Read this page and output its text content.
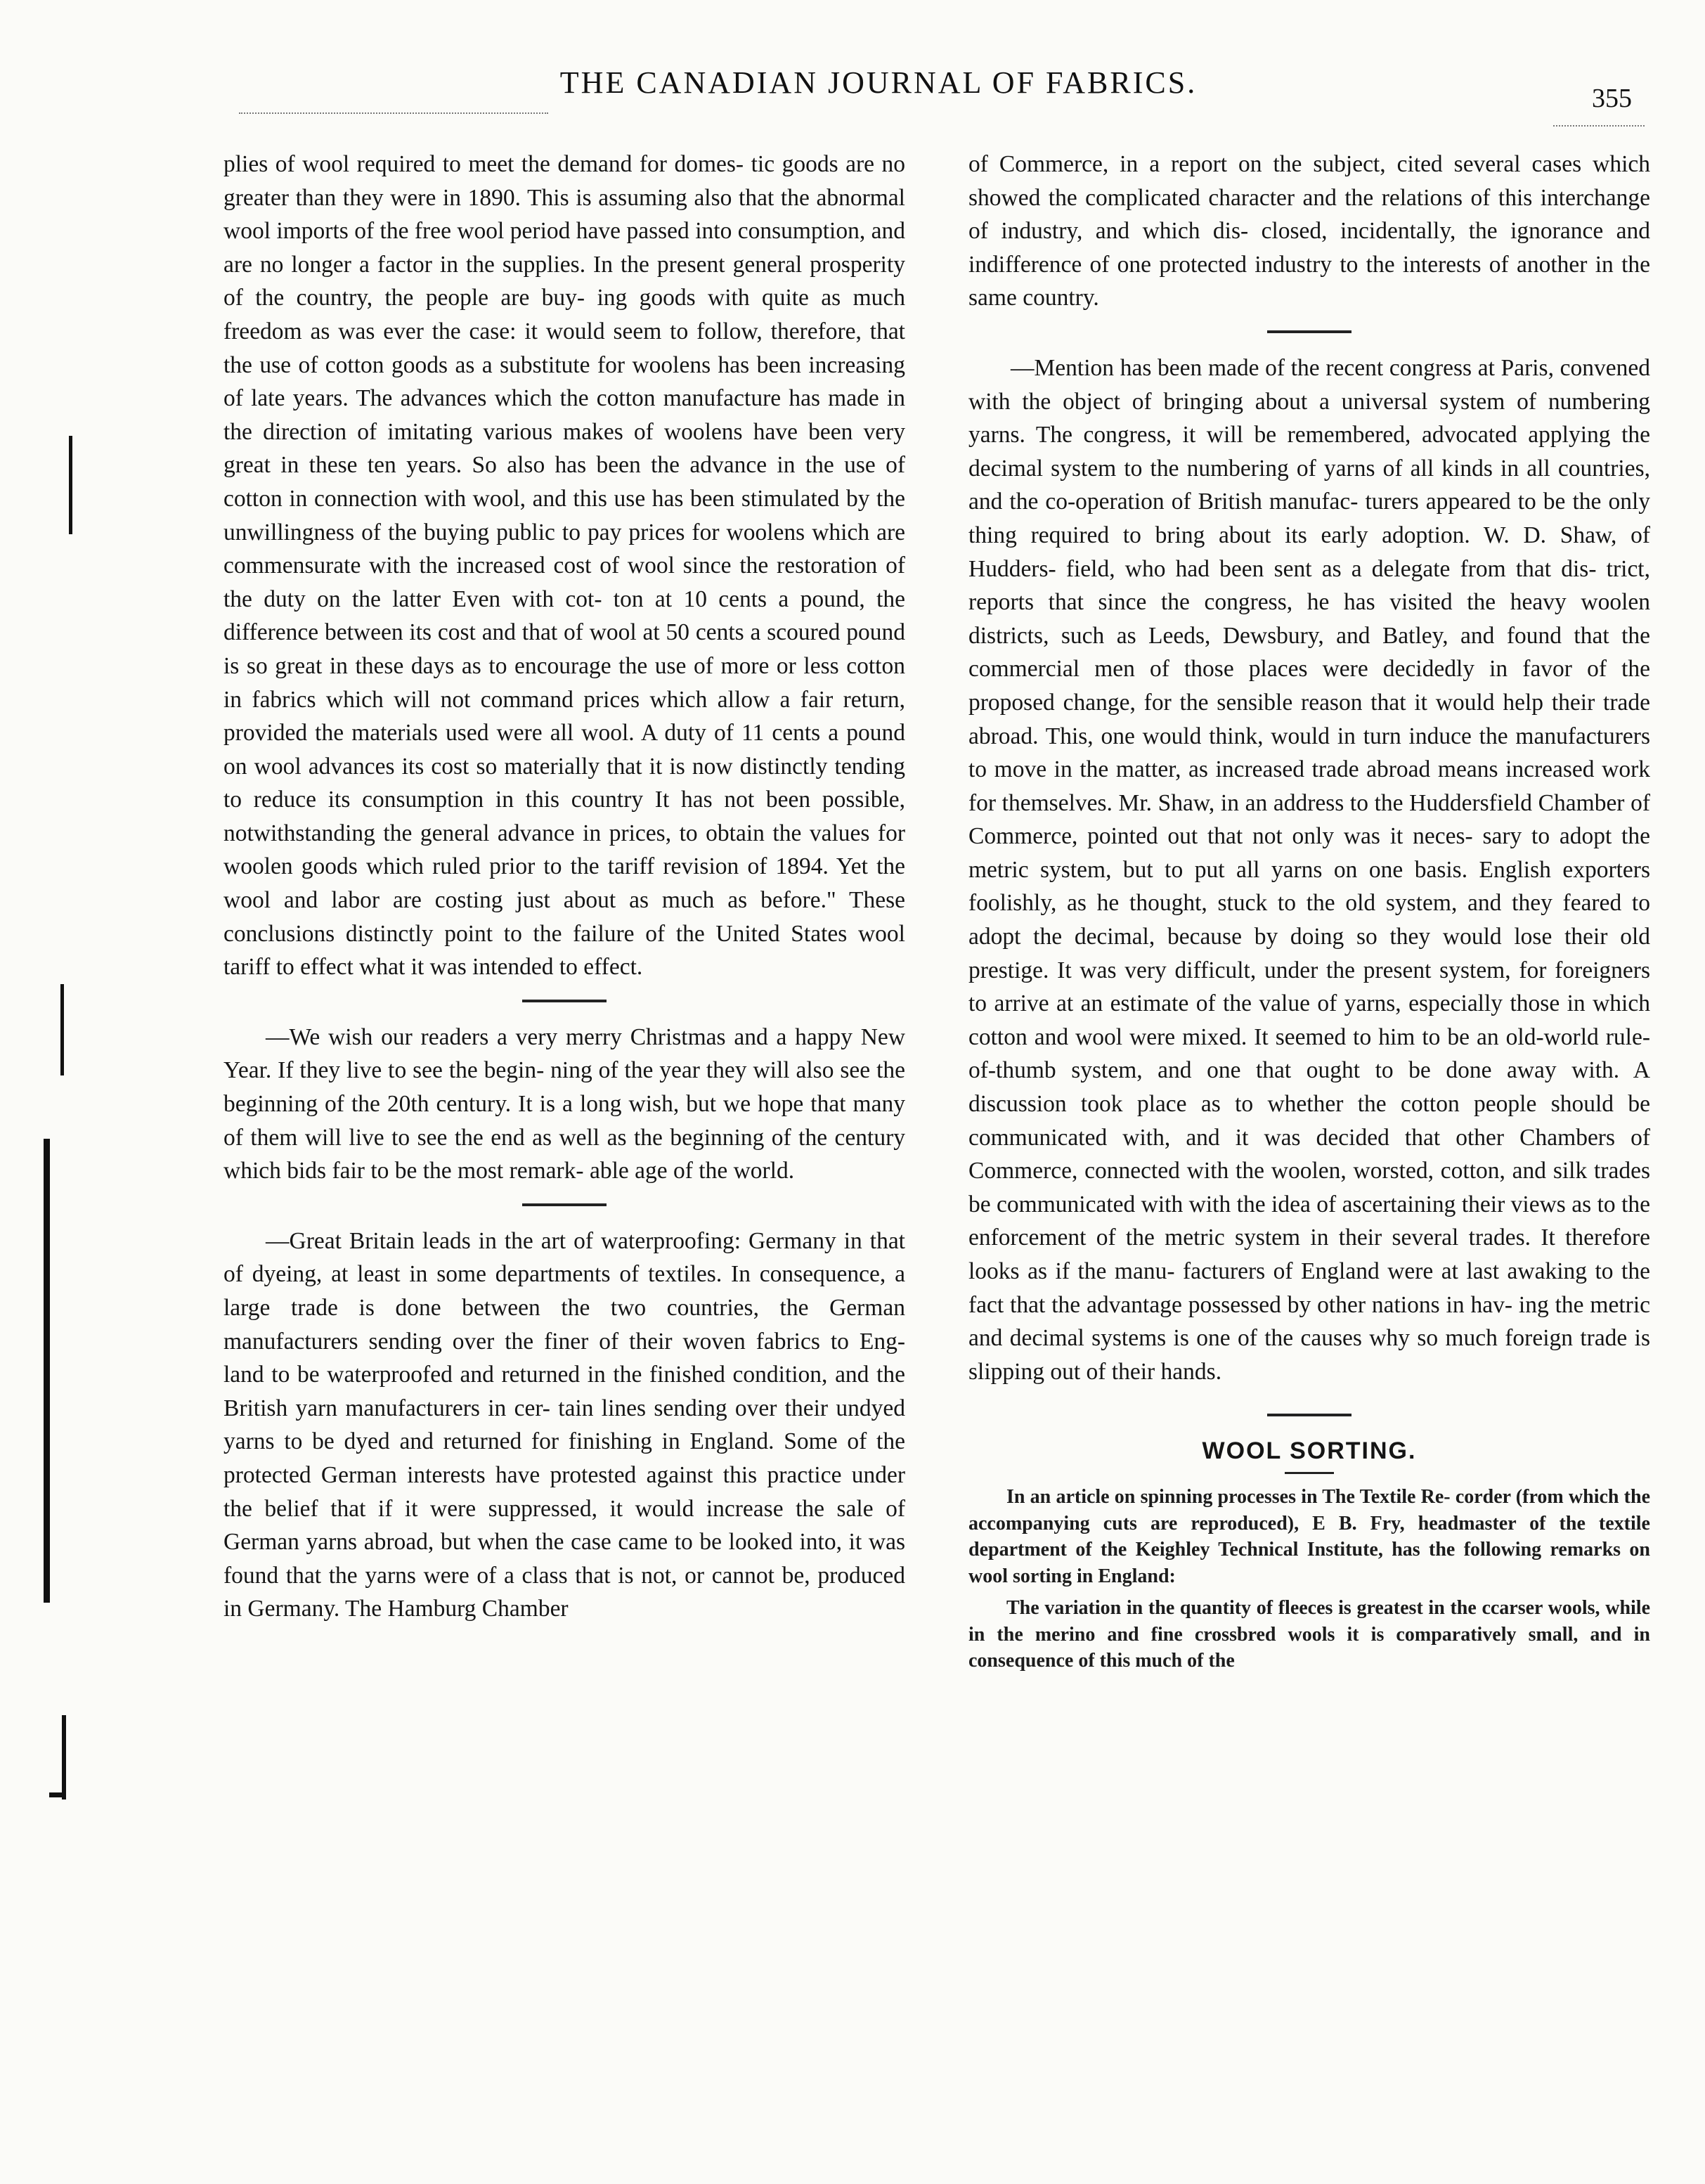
THE CANADIAN JOURNAL OF FABRICS.	355

plies of wool required to meet the demand for domes- tic goods are no greater than they were in 1890. This is assuming also that the abnormal wool imports of the free wool period have passed into consumption, and are no longer a factor in the supplies. In the present general prosperity of the country, the people are buy- ing goods with quite as much freedom as was ever the case: it would seem to follow, therefore, that the use of cotton goods as a substitute for woolens has been increasing of late years. The advances which the cotton manufacture has made in the direction of imitating various makes of woolens have been very great in these ten years. So also has been the advance in the use of cotton in connection with wool, and this use has been stimulated by the unwillingness of the buying public to pay prices for woolens which are commensurate with the increased cost of wool since the restoration of the duty on the latter Even with cot- ton at 10 cents a pound, the difference between its cost and that of wool at 50 cents a scoured pound is so great in these days as to encourage the use of more or less cotton in fabrics which will not command prices which allow a fair return, provided the materials used were all wool. A duty of 11 cents a pound on wool advances its cost so materially that it is now distinctly tending to reduce its consumption in this country It has not been possible, notwithstanding the general advance in prices, to obtain the values for woolen goods which ruled prior to the tariff revision of 1894. Yet the wool and labor are costing just about as much as before." These conclusions distinctly point to the failure of the United States wool tariff to effect what it was intended to effect.

—We wish our readers a very merry Christmas and a happy New Year. If they live to see the begin- ning of the year they will also see the beginning of the 20th century. It is a long wish, but we hope that many of them will live to see the end as well as the beginning of the century which bids fair to be the most remark- able age of the world.

—Great Britain leads in the art of waterproofing: Germany in that of dyeing, at least in some departments of textiles. In consequence, a large trade is done between the two countries, the German manufacturers sending over the finer of their woven fabrics to Eng- land to be waterproofed and returned in the finished condition, and the British yarn manufacturers in cer- tain lines sending over their undyed yarns to be dyed and returned for finishing in England. Some of the protected German interests have protested against this practice under the belief that if it were suppressed, it would increase the sale of German yarns abroad, but when the case came to be looked into, it was found that the yarns were of a class that is not, or cannot be, produced in Germany. The Hamburg Chamber

of Commerce, in a report on the subject, cited several cases which showed the complicated character and the relations of this interchange of industry, and which dis- closed, incidentally, the ignorance and indifference of one protected industry to the interests of another in the same country.

—Mention has been made of the recent congress at Paris, convened with the object of bringing about a universal system of numbering yarns. The congress, it will be remembered, advocated applying the decimal system to the numbering of yarns of all kinds in all countries, and the co-operation of British manufac- turers appeared to be the only thing required to bring about its early adoption. W. D. Shaw, of Hudders- field, who had been sent as a delegate from that dis- trict, reports that since the congress, he has visited the heavy woolen districts, such as Leeds, Dewsbury, and Batley, and found that the commercial men of those places were decidedly in favor of the proposed change, for the sensible reason that it would help their trade abroad. This, one would think, would in turn induce the manufacturers to move in the matter, as increased trade abroad means increased work for themselves. Mr. Shaw, in an address to the Huddersfield Chamber of Commerce, pointed out that not only was it neces- sary to adopt the metric system, but to put all yarns on one basis. English exporters foolishly, as he thought, stuck to the old system, and they feared to adopt the decimal, because by doing so they would lose their old prestige. It was very difficult, under the present system, for foreigners to arrive at an estimate of the value of yarns, especially those in which cotton and wool were mixed. It seemed to him to be an old-world rule-of-thumb system, and one that ought to be done away with. A discussion took place as to whether the cotton people should be communicated with, and it was decided that other Chambers of Commerce, connected with the woolen, worsted, cotton, and silk trades be communicated with with the idea of ascertaining their views as to the enforcement of the metric system in their several trades. It therefore looks as if the manu- facturers of England were at last awaking to the fact that the advantage possessed by other nations in hav- ing the metric and decimal systems is one of the causes why so much foreign trade is slipping out of their hands.

WOOL SORTING.

In an article on spinning processes in The Textile Re- corder (from which the accompanying cuts are reproduced), E B. Fry, headmaster of the textile department of the Keighley Technical Institute, has the following remarks on wool sorting in England:

The variation in the quantity of fleeces is greatest in the ccarser wools, while in the merino and fine crossbred wools it is comparatively small, and in consequence of this much of the
